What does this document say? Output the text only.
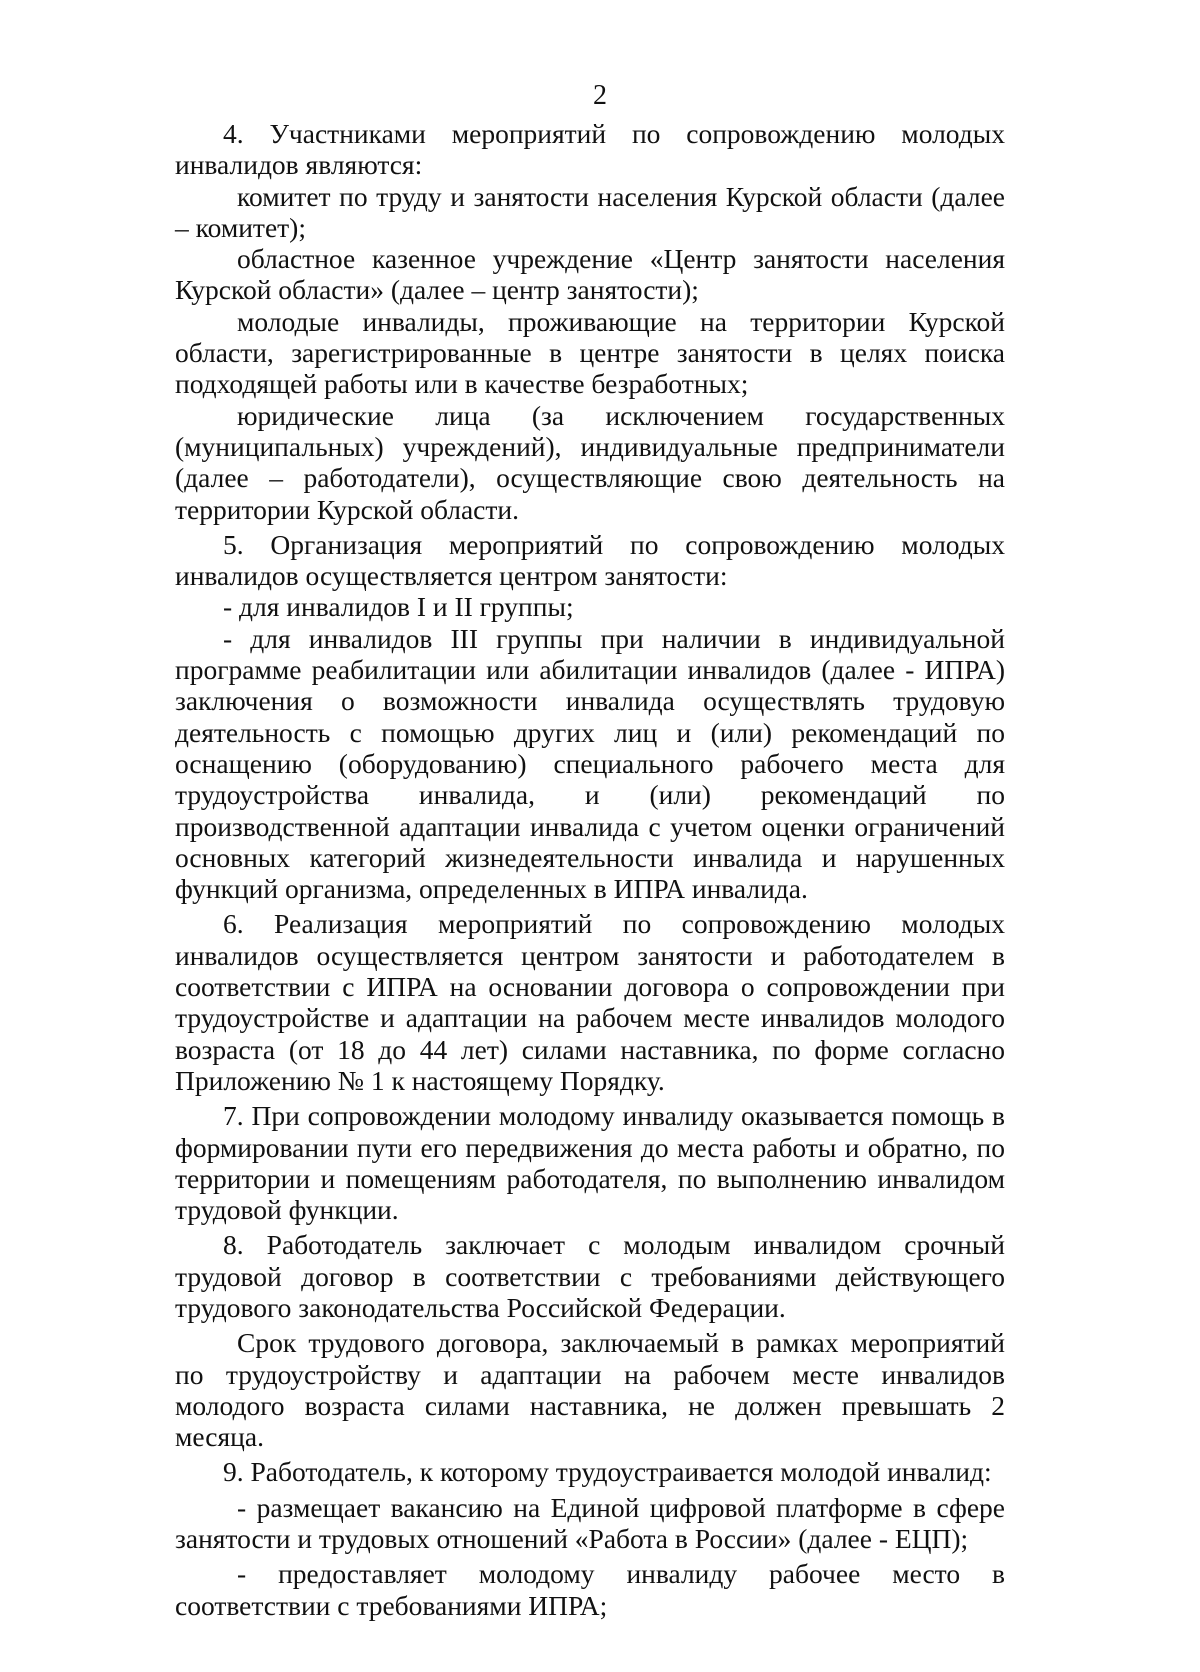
2

4. Участниками мероприятий по сопровождению молодых инвалидов являются:

комитет по труду и занятости населения Курской области (далее – комитет);

областное казенное учреждение «Центр занятости населения Курской области» (далее – центр занятости);

молодые инвалиды, проживающие на территории Курской области, зарегистрированные в центре занятости в целях поиска подходящей работы или в качестве безработных;

юридические лица (за исключением государственных (муниципальных) учреждений), индивидуальные предприниматели (далее – работодатели), осуществляющие свою деятельность на территории Курской области.

5. Организация мероприятий по сопровождению молодых инвалидов осуществляется центром занятости:

- для инвалидов I и II группы;

- для инвалидов III группы при наличии в индивидуальной программе реабилитации или абилитации инвалидов (далее - ИПРА) заключения о возможности инвалида осуществлять трудовую деятельность с помощью других лиц и (или) рекомендаций по оснащению (оборудованию) специального рабочего места для трудоустройства инвалида, и (или) рекомендаций по производственной адаптации инвалида с учетом оценки ограничений основных категорий жизнедеятельности инвалида и нарушенных функций организма, определенных в ИПРА инвалида.

6. Реализация мероприятий по сопровождению молодых инвалидов осуществляется центром занятости и работодателем в соответствии с ИПРА на основании договора о сопровождении при трудоустройстве и адаптации на рабочем месте инвалидов молодого возраста (от 18 до 44 лет) силами наставника, по форме согласно Приложению № 1 к настоящему Порядку.

7. При сопровождении молодому инвалиду оказывается помощь в формировании пути его передвижения до места работы и обратно, по территории и помещениям работодателя, по выполнению инвалидом трудовой функции.

8. Работодатель заключает с молодым инвалидом срочный трудовой договор в соответствии с требованиями действующего трудового законодательства Российской Федерации.

Срок трудового договора, заключаемый в рамках мероприятий по трудоустройству и адаптации на рабочем месте инвалидов молодого возраста силами наставника, не должен превышать 2 месяца.

9. Работодатель, к которому трудоустраивается молодой инвалид:

- размещает вакансию на Единой цифровой платформе в сфере занятости и трудовых отношений «Работа в России» (далее - ЕЦП);

- предоставляет молодому инвалиду рабочее место в соответствии с требованиями ИПРА;
